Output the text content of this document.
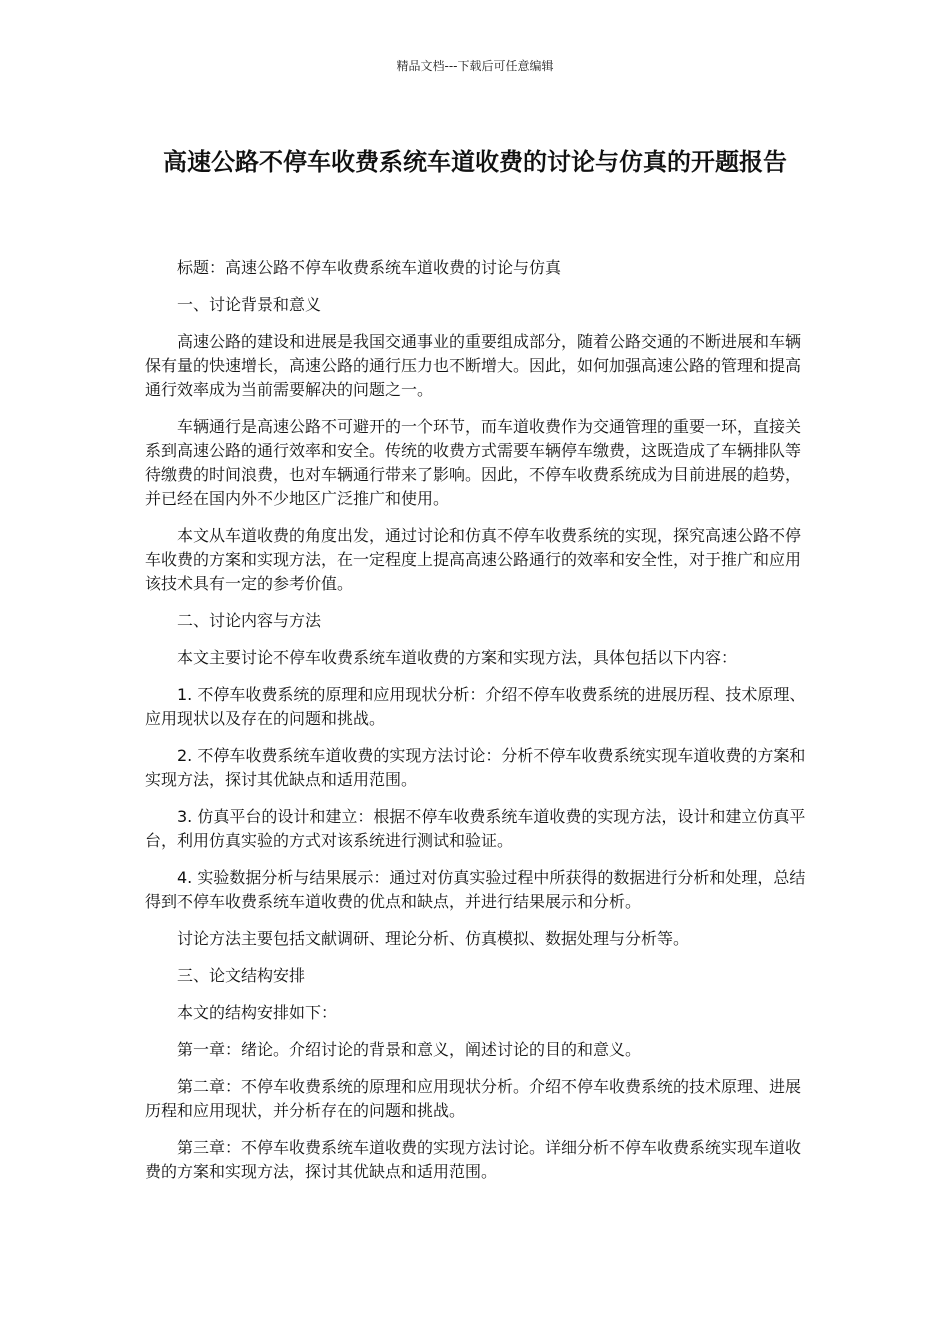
精品文档---下载后可任意编辑
高速公路不停车收费系统车道收费的讨论与仿真的开题报告

标题：高速公路不停车收费系统车道收费的讨论与仿真

一、讨论背景和意义

高速公路的建设和进展是我国交通事业的重要组成部分，随着公路交通的不断进展和车辆保有量的快速增长，高速公路的通行压力也不断增大。因此，如何加强高速公路的管理和提高通行效率成为当前需要解决的问题之一。

车辆通行是高速公路不可避开的一个环节，而车道收费作为交通管理的重要一环，直接关系到高速公路的通行效率和安全。传统的收费方式需要车辆停车缴费，这既造成了车辆排队等待缴费的时间浪费，也对车辆通行带来了影响。因此，不停车收费系统成为目前进展的趋势，并已经在国内外不少地区广泛推广和使用。

本文从车道收费的角度出发，通过讨论和仿真不停车收费系统的实现，探究高速公路不停车收费的方案和实现方法，在一定程度上提高高速公路通行的效率和安全性，对于推广和应用该技术具有一定的参考价值。

二、讨论内容与方法

本文主要讨论不停车收费系统车道收费的方案和实现方法，具体包括以下内容：

1. 不停车收费系统的原理和应用现状分析：介绍不停车收费系统的进展历程、技术原理、应用现状以及存在的问题和挑战。

2. 不停车收费系统车道收费的实现方法讨论：分析不停车收费系统实现车道收费的方案和实现方法，探讨其优缺点和适用范围。

3. 仿真平台的设计和建立：根据不停车收费系统车道收费的实现方法，设计和建立仿真平台，利用仿真实验的方式对该系统进行测试和验证。

4. 实验数据分析与结果展示：通过对仿真实验过程中所获得的数据进行分析和处理，总结得到不停车收费系统车道收费的优点和缺点，并进行结果展示和分析。

讨论方法主要包括文献调研、理论分析、仿真模拟、数据处理与分析等。

三、论文结构安排

本文的结构安排如下：

第一章：绪论。介绍讨论的背景和意义，阐述讨论的目的和意义。

第二章：不停车收费系统的原理和应用现状分析。介绍不停车收费系统的技术原理、进展历程和应用现状，并分析存在的问题和挑战。

第三章：不停车收费系统车道收费的实现方法讨论。详细分析不停车收费系统实现车道收费的方案和实现方法，探讨其优缺点和适用范围。
